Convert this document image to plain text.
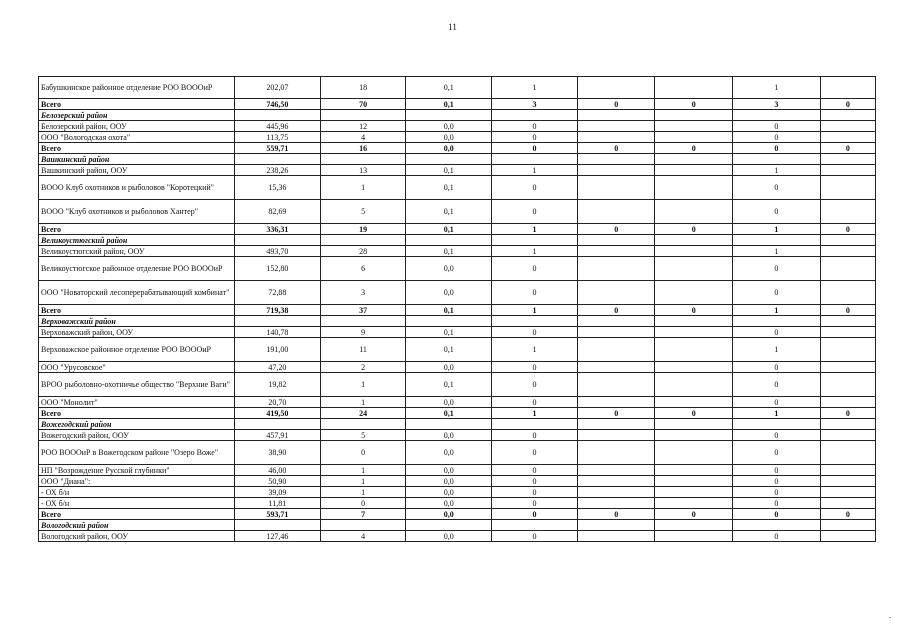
11
Бабушкинское районное отделение РОО ВОООиР	202,07	18	0,1	1			1	
Всего	746,50	70	0,1	3	0	0	3	0
Белозерский район								
Белозерский район, ООУ	445,96	12	0,0	0			0	
ООО "Вологодская охота"	113,75	4	0,0	0			0	
Всего	559,71	16	0,0	0	0	0	0	0
Вашкинский район								
Вашкинский район, ООУ	238,26	13	0,1	1			1	
ВООО Клуб охотников и рыболовов "Коротецкий"	15,36	1	0,1	0			0	
ВООО "Клуб охотников и рыболовов Хантер"	82,69	5	0,1	0			0	
Всего	336,31	19	0,1	1	0	0	1	0
Великоустюгский район								
Великоустюгский район, ООУ	493,70	28	0,1	1			1	
Великоустюгское районное отделение РОО ВОООиР	152,80	6	0,0	0			0	
ООО "Новаторский лесоперерабатывающий комбинат"	72,88	3	0,0	0			0	
Всего	719,38	37	0,1	1	0	0	1	0
Верховажский район								
Верховажский район, ООУ	140,78	9	0,1	0			0	
Верховажское районное отделение РОО ВОООиР	191,00	11	0,1	1			1	
ООО "Урусовское"	47,20	2	0,0	0			0	
ВРОО рыболовно-охотничье общество "Верхние Ваги"	19,82	1	0,1	0			0	
ООО "Монолит"	20,70	1	0,0	0			0	
Всего	419,50	24	0,1	1	0	0	1	0
Вожегодский район								
Вожегодский район, ООУ	457,91	5	0,0	0			0	
РОО ВОООиР в Вожегодском районе "Озеро Воже"	38,90	0	0,0	0			0	
НП "Возрождение Русской глубинки"	46,00	1	0,0	0			0	
ООО "Диана":	50,90	1	0,0	0			0	
- ОХ б/н	39,09	1	0,0	0			0	
- ОХ б/н	11,81	0	0,0	0			0	
Всего	593,71	7	0,0	0	0	0	0	0
Вологодский район								
Вологодский район, ООУ	127,46	4	0,0	0			0	
.
